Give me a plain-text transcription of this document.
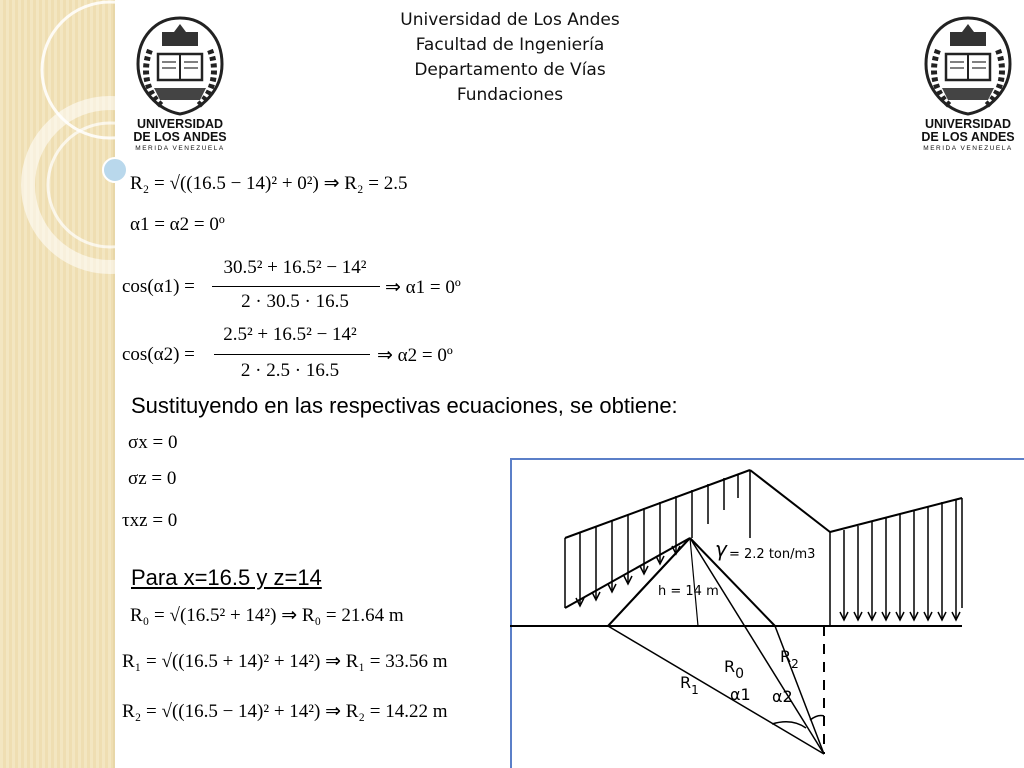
Universidad de Los Andes
Facultad de Ingeniería
Departamento de Vías
Fundaciones
UNIVERSIDAD
DE LOS ANDES
MERIDA VENEZUELA
UNIVERSIDAD
DE LOS ANDES
MERIDA VENEZUELA
R₂ = √((16.5 − 14)² + 0²) ⇒ R₂ = 2.5
α1 = α2 = 0º
cos(α1) =
30.5² + 16.5² − 14²
2 · 30.5 · 16.5
⇒ α1 = 0º
cos(α2) =
2.5² + 16.5² − 14²
2 · 2.5 · 16.5
⇒ α2 = 0º
Sustituyendo en las respectivas ecuaciones, se obtiene:
σx = 0
σz = 0
τxz = 0
Para x=16.5 y z=14
R₀ = √(16.5² + 14²) ⇒ R₀ = 21.64 m
R₁ = √((16.5 + 14)² + 14²) ⇒ R₁ = 33.56 m
R₂ = √((16.5 − 14)² + 14²) ⇒ R₂ = 14.22 m
γ = 2.2 ton/m3
h = 14 m
R0
$R_1$
$R_2$
α1 α2
